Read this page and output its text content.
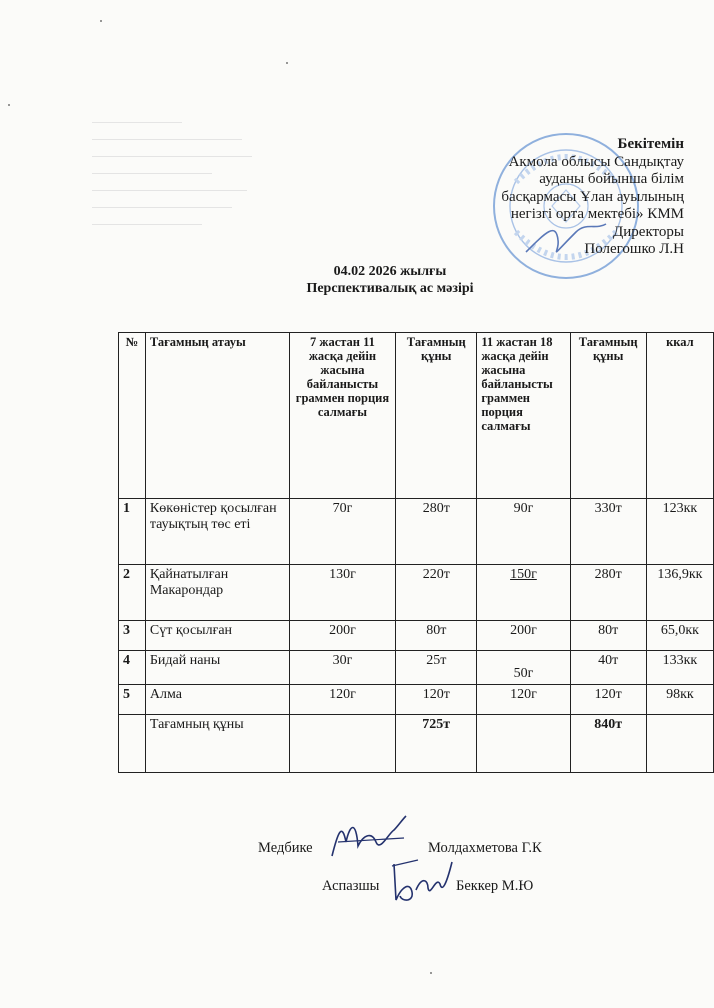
Бекітемін
Акмола облысы Сандықтау
ауданы бойынша білім
басқармасы Ұлан ауылының
негізгі орта мектебі» КММ
Директоры
Полегошко Л.Н
04.02 2026 жылғы
Перспективалық ас мәзірі
№	Тағамның атауы	7 жастан 11 жасқа дейін жасына байланысты граммен порция салмағы	Тағамның құны	11 жастан 18 жасқа дейін жасына байланысты граммен порция салмағы	Тағамның құны	ккал
1	Көкөністер қосылған тауықтың төс еті	70г	280т	90г	330т	123кк
2	Қайнатылған Макарондар	130г	220т	150г	280т	136,9кк
3	Сүт қосылған	200г	80т	200г	80т	65,0кк
4	Бидай наны	30г	25т	50г	40т	133кк
5	Алма	120г	120т	120г	120т	98кк
	Тағамның құны		725т		840т	
Медбике	Молдахметова Г.К
Аспазшы	Беккер М.Ю
